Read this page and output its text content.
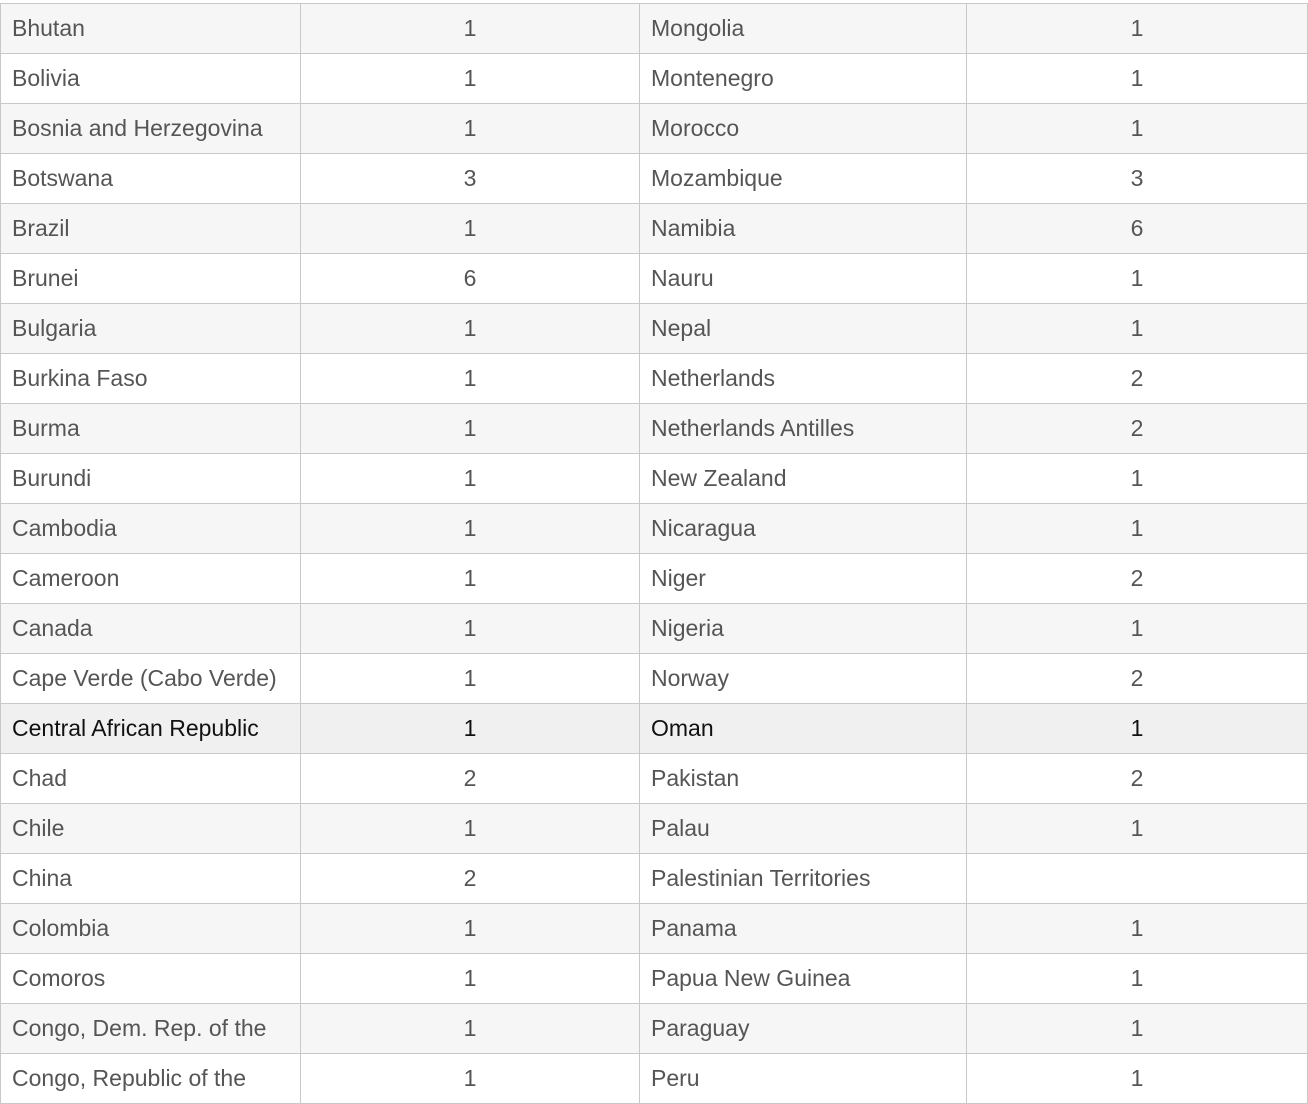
Bhutan	1	Mongolia	1
Bolivia	1	Montenegro	1
Bosnia and Herzegovina	1	Morocco	1
Botswana	3	Mozambique	3
Brazil	1	Namibia	6
Brunei	6	Nauru	1
Bulgaria	1	Nepal	1
Burkina Faso	1	Netherlands	2
Burma	1	Netherlands Antilles	2
Burundi	1	New Zealand	1
Cambodia	1	Nicaragua	1
Cameroon	1	Niger	2
Canada	1	Nigeria	1
Cape Verde (Cabo Verde)	1	Norway	2
Central African Republic	1	Oman	1
Chad	2	Pakistan	2
Chile	1	Palau	1
China	2	Palestinian Territories	
Colombia	1	Panama	1
Comoros	1	Papua New Guinea	1
Congo, Dem. Rep. of the	1	Paraguay	1
Congo, Republic of the	1	Peru	1
